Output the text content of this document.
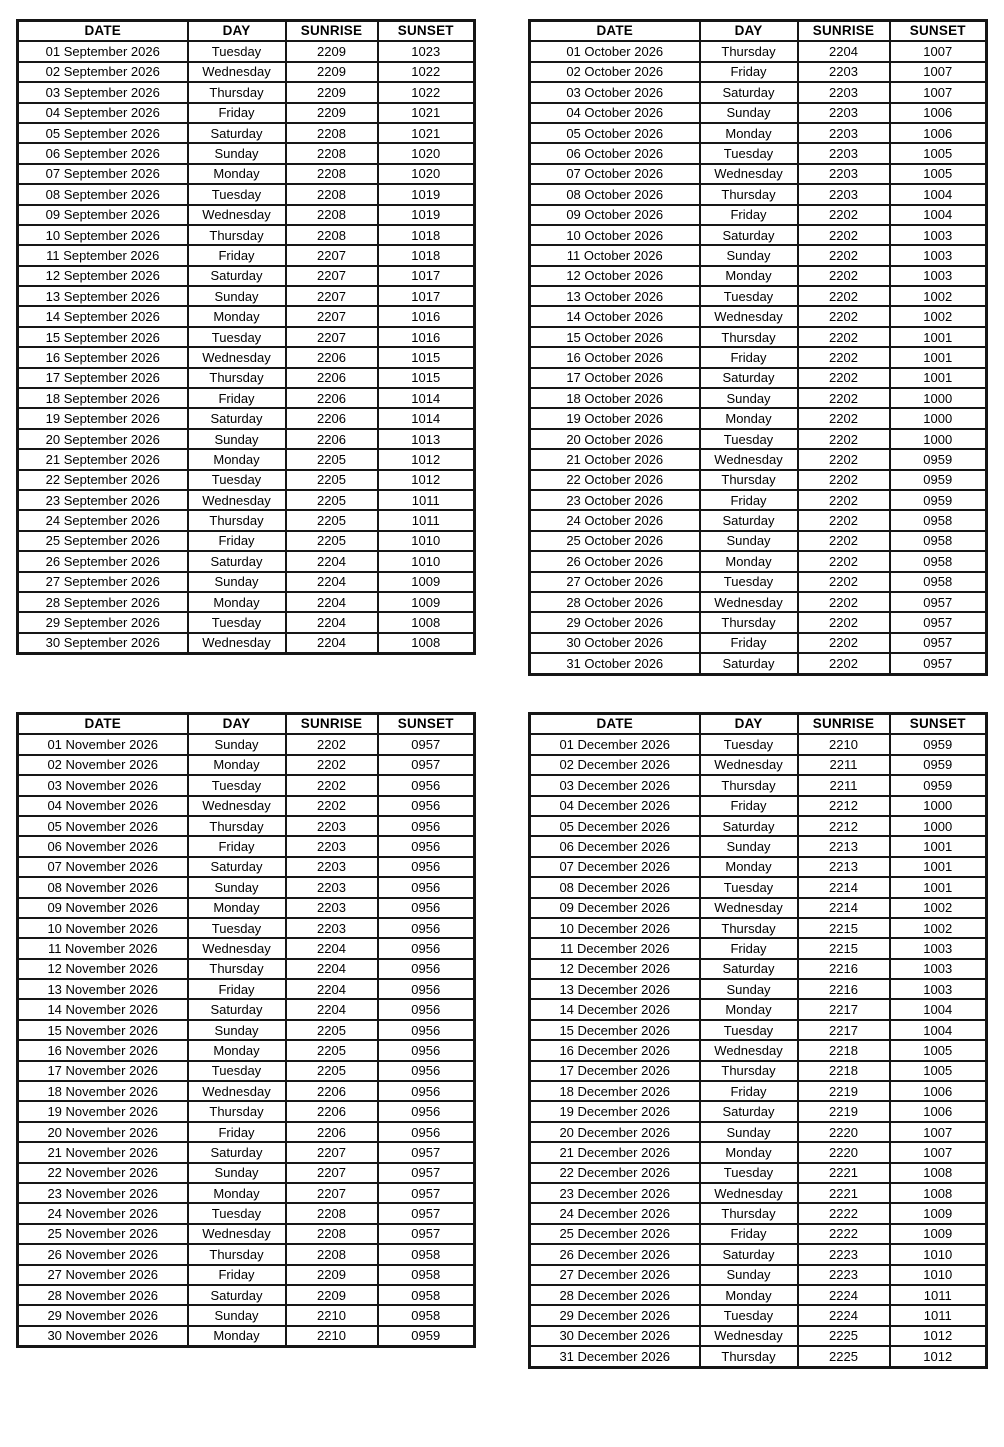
DATE	DAY	SUNRISE	SUNSET
01 September 2026	Tuesday	2209	1023
02 September 2026	Wednesday	2209	1022
03 September 2026	Thursday	2209	1022
04 September 2026	Friday	2209	1021
05 September 2026	Saturday	2208	1021
06 September 2026	Sunday	2208	1020
07 September 2026	Monday	2208	1020
08 September 2026	Tuesday	2208	1019
09 September 2026	Wednesday	2208	1019
10 September 2026	Thursday	2208	1018
11 September 2026	Friday	2207	1018
12 September 2026	Saturday	2207	1017
13 September 2026	Sunday	2207	1017
14 September 2026	Monday	2207	1016
15 September 2026	Tuesday	2207	1016
16 September 2026	Wednesday	2206	1015
17 September 2026	Thursday	2206	1015
18 September 2026	Friday	2206	1014
19 September 2026	Saturday	2206	1014
20 September 2026	Sunday	2206	1013
21 September 2026	Monday	2205	1012
22 September 2026	Tuesday	2205	1012
23 September 2026	Wednesday	2205	1011
24 September 2026	Thursday	2205	1011
25 September 2026	Friday	2205	1010
26 September 2026	Saturday	2204	1010
27 September 2026	Sunday	2204	1009
28 September 2026	Monday	2204	1009
29 September 2026	Tuesday	2204	1008
30 September 2026	Wednesday	2204	1008
DATE	DAY	SUNRISE	SUNSET
01 October 2026	Thursday	2204	1007
02 October 2026	Friday	2203	1007
03 October 2026	Saturday	2203	1007
04 October 2026	Sunday	2203	1006
05 October 2026	Monday	2203	1006
06 October 2026	Tuesday	2203	1005
07 October 2026	Wednesday	2203	1005
08 October 2026	Thursday	2203	1004
09 October 2026	Friday	2202	1004
10 October 2026	Saturday	2202	1003
11 October 2026	Sunday	2202	1003
12 October 2026	Monday	2202	1003
13 October 2026	Tuesday	2202	1002
14 October 2026	Wednesday	2202	1002
15 October 2026	Thursday	2202	1001
16 October 2026	Friday	2202	1001
17 October 2026	Saturday	2202	1001
18 October 2026	Sunday	2202	1000
19 October 2026	Monday	2202	1000
20 October 2026	Tuesday	2202	1000
21 October 2026	Wednesday	2202	0959
22 October 2026	Thursday	2202	0959
23 October 2026	Friday	2202	0959
24 October 2026	Saturday	2202	0958
25 October 2026	Sunday	2202	0958
26 October 2026	Monday	2202	0958
27 October 2026	Tuesday	2202	0958
28 October 2026	Wednesday	2202	0957
29 October 2026	Thursday	2202	0957
30 October 2026	Friday	2202	0957
31 October 2026	Saturday	2202	0957
DATE	DAY	SUNRISE	SUNSET
01 November 2026	Sunday	2202	0957
02 November 2026	Monday	2202	0957
03 November 2026	Tuesday	2202	0956
04 November 2026	Wednesday	2202	0956
05 November 2026	Thursday	2203	0956
06 November 2026	Friday	2203	0956
07 November 2026	Saturday	2203	0956
08 November 2026	Sunday	2203	0956
09 November 2026	Monday	2203	0956
10 November 2026	Tuesday	2203	0956
11 November 2026	Wednesday	2204	0956
12 November 2026	Thursday	2204	0956
13 November 2026	Friday	2204	0956
14 November 2026	Saturday	2204	0956
15 November 2026	Sunday	2205	0956
16 November 2026	Monday	2205	0956
17 November 2026	Tuesday	2205	0956
18 November 2026	Wednesday	2206	0956
19 November 2026	Thursday	2206	0956
20 November 2026	Friday	2206	0956
21 November 2026	Saturday	2207	0957
22 November 2026	Sunday	2207	0957
23 November 2026	Monday	2207	0957
24 November 2026	Tuesday	2208	0957
25 November 2026	Wednesday	2208	0957
26 November 2026	Thursday	2208	0958
27 November 2026	Friday	2209	0958
28 November 2026	Saturday	2209	0958
29 November 2026	Sunday	2210	0958
30 November 2026	Monday	2210	0959
DATE	DAY	SUNRISE	SUNSET
01 December 2026	Tuesday	2210	0959
02 December 2026	Wednesday	2211	0959
03 December 2026	Thursday	2211	0959
04 December 2026	Friday	2212	1000
05 December 2026	Saturday	2212	1000
06 December 2026	Sunday	2213	1001
07 December 2026	Monday	2213	1001
08 December 2026	Tuesday	2214	1001
09 December 2026	Wednesday	2214	1002
10 December 2026	Thursday	2215	1002
11 December 2026	Friday	2215	1003
12 December 2026	Saturday	2216	1003
13 December 2026	Sunday	2216	1003
14 December 2026	Monday	2217	1004
15 December 2026	Tuesday	2217	1004
16 December 2026	Wednesday	2218	1005
17 December 2026	Thursday	2218	1005
18 December 2026	Friday	2219	1006
19 December 2026	Saturday	2219	1006
20 December 2026	Sunday	2220	1007
21 December 2026	Monday	2220	1007
22 December 2026	Tuesday	2221	1008
23 December 2026	Wednesday	2221	1008
24 December 2026	Thursday	2222	1009
25 December 2026	Friday	2222	1009
26 December 2026	Saturday	2223	1010
27 December 2026	Sunday	2223	1010
28 December 2026	Monday	2224	1011
29 December 2026	Tuesday	2224	1011
30 December 2026	Wednesday	2225	1012
31 December 2026	Thursday	2225	1012
